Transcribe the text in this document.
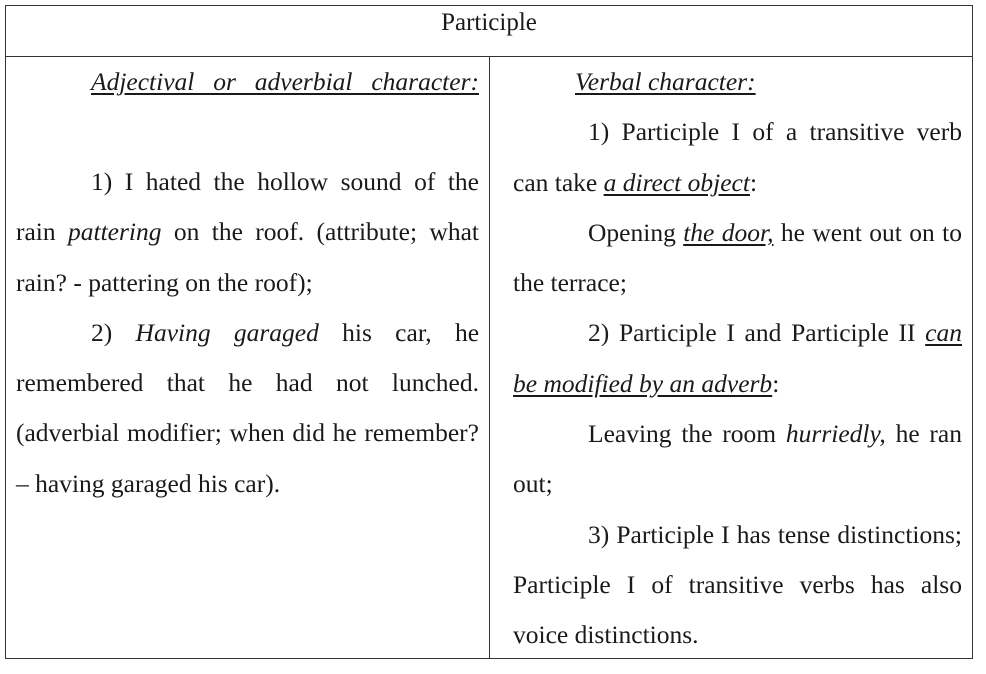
Participle

Adjectival or adverbial character:

1) I hated the hollow sound of the rain pattering on the roof. (attribute; what rain? - pattering on the roof);

2) Having garaged his car, he remembered that he had not lunched. (adverbial modifier; when did he remember? – having garaged his car).

Verbal character:

1) Participle I of a transitive verb can take a direct object:

Opening the door, he went out on to the terrace;

2) Participle I and Participle II can be modified by an adverb:

Leaving the room hurriedly, he ran out;

3) Participle I has tense distinctions; Participle I of transitive verbs has also voice distinctions.
